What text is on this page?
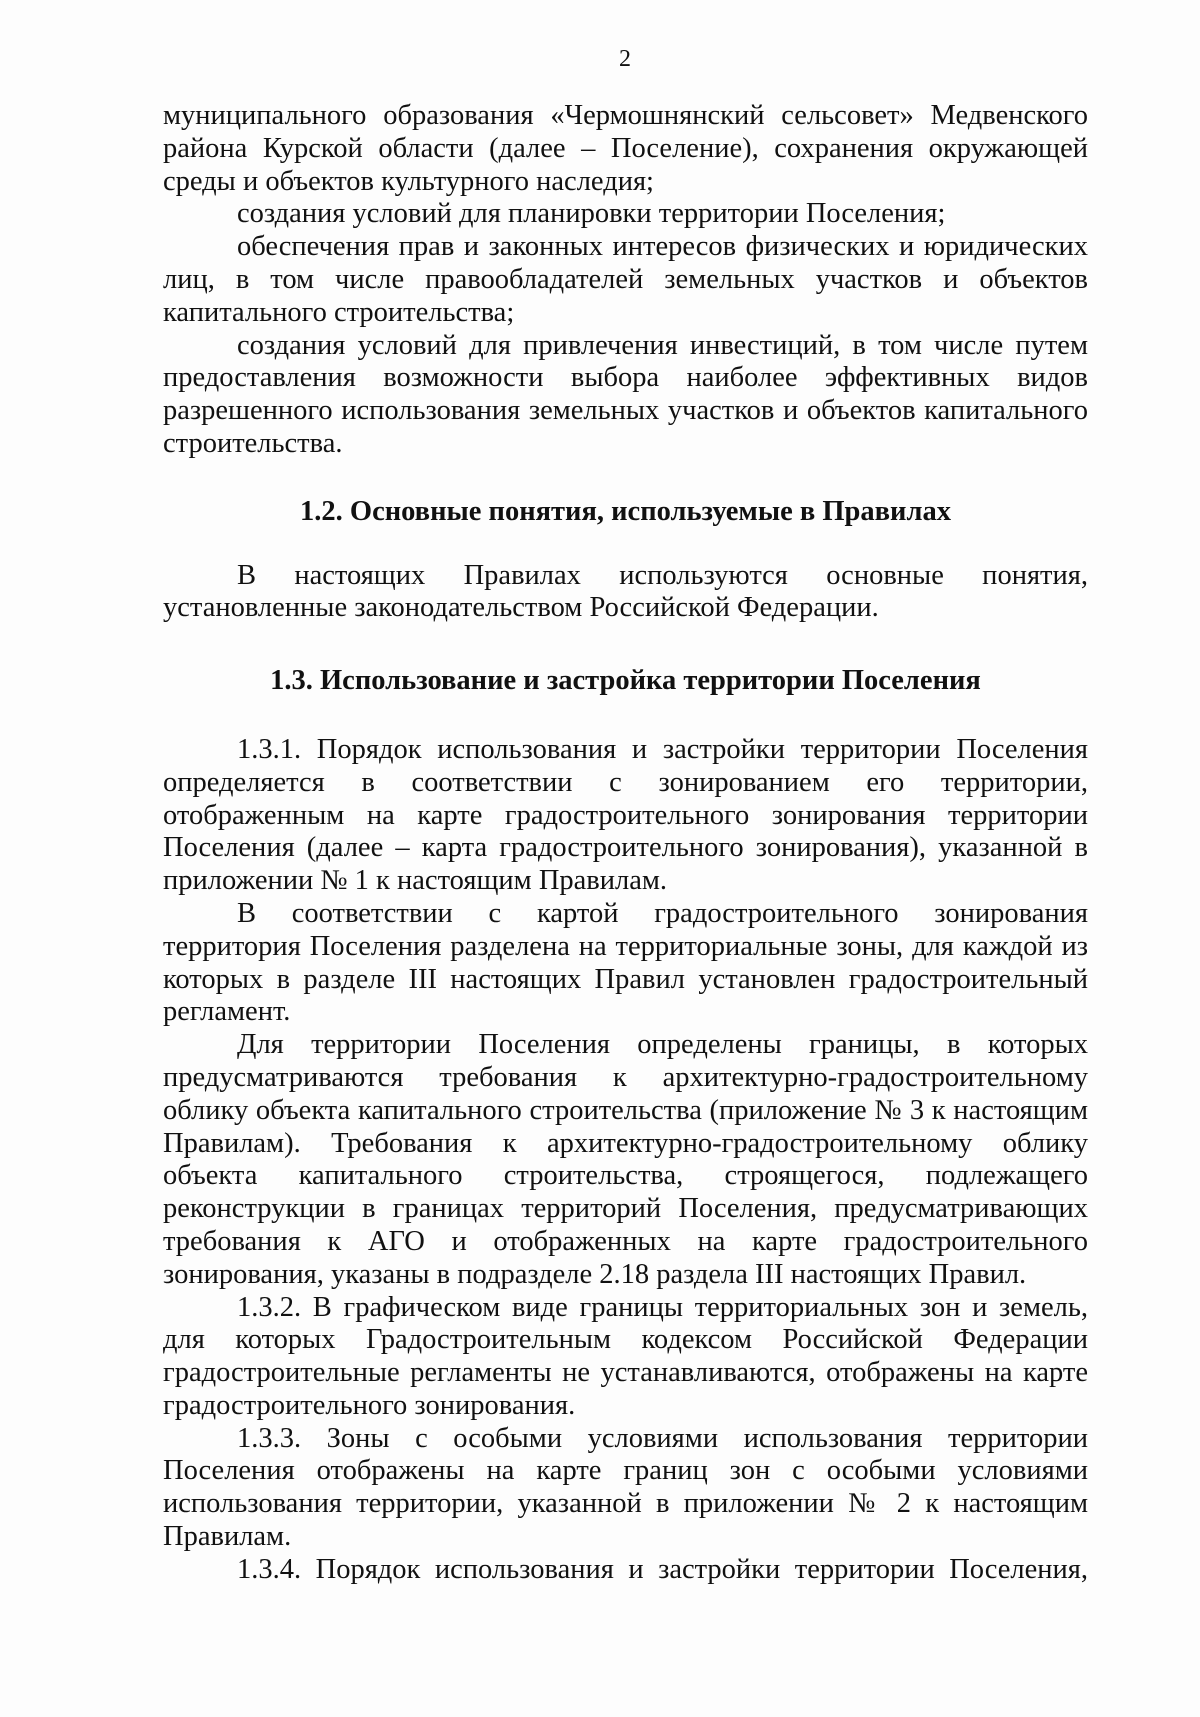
2

муниципального образования «Чермошнянский сельсовет» Медвенского района Курской области (далее – Поселение), сохранения окружающей среды и объектов культурного наследия;

создания условий для планировки территории Поселения;

обеспечения прав и законных интересов физических и юридических лиц, в том числе правообладателей земельных участков и объектов капитального строительства;

создания условий для привлечения инвестиций, в том числе путем предоставления возможности выбора наиболее эффективных видов разрешенного использования земельных участков и объектов капитального строительства.

1.2. Основные понятия, используемые в Правилах

В настоящих Правилах используются основные понятия, установленные законодательством Российской Федерации.

1.3. Использование и застройка территории Поселения

1.3.1. Порядок использования и застройки территории Поселения определяется в соответствии с зонированием его территории, отображенным на карте градостроительного зонирования территории Поселения (далее – карта градостроительного зонирования), указанной в приложении № 1 к настоящим Правилам.

В соответствии с картой градостроительного зонирования территория Поселения разделена на территориальные зоны, для каждой из которых в разделе III настоящих Правил установлен градостроительный регламент.

Для территории Поселения определены границы, в которых предусматриваются требования к архитектурно-градостроительному облику объекта капитального строительства (приложение № 3 к настоящим Правилам). Требования к архитектурно-градостроительному облику объекта капитального строительства, строящегося, подлежащего реконструкции в границах территорий Поселения, предусматривающих требования к АГО и отображенных на карте градостроительного зонирования, указаны в подразделе 2.18 раздела III настоящих Правил.

1.3.2. В графическом виде границы территориальных зон и земель, для которых Градостроительным кодексом Российской Федерации градостроительные регламенты не устанавливаются, отображены на карте градостроительного зонирования.

1.3.3. Зоны с особыми условиями использования территории Поселения отображены на карте границ зон с особыми условиями использования территории, указанной в приложении № 2 к настоящим Правилам.

1.3.4. Порядок использования и застройки территории Поселения,
